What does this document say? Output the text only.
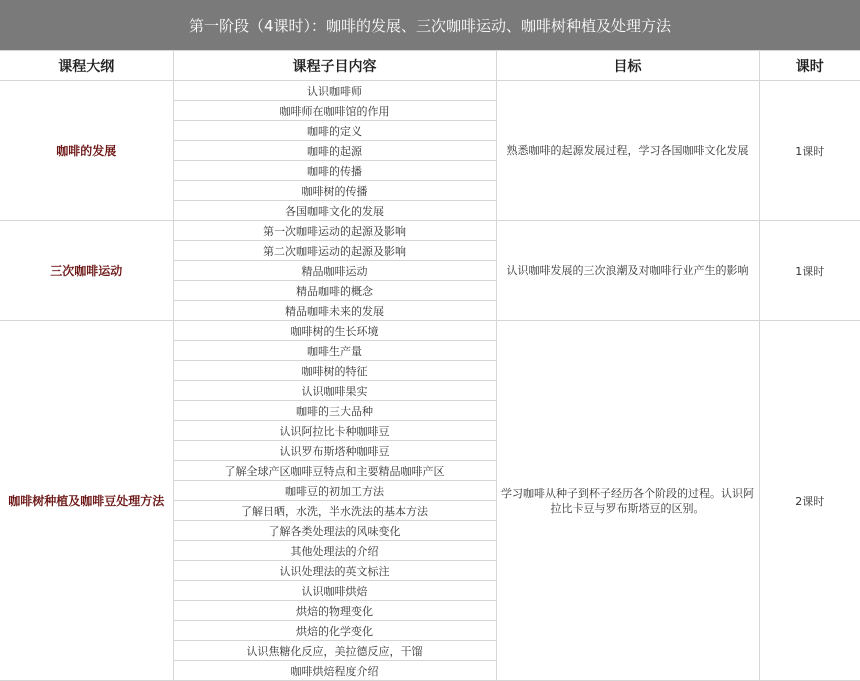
第一阶段（4课时）：咖啡的发展、三次咖啡运动、咖啡树种植及处理方法
课程大纲	课程子目内容	目标	课时
咖啡的发展	认识咖啡师	熟悉咖啡的起源发展过程，学习各国咖啡文化发展	1课时
	咖啡师在咖啡馆的作用		
	咖啡的定义		
	咖啡的起源		
	咖啡的传播		
	咖啡树的传播		
	各国咖啡文化的发展		
三次咖啡运动	第一次咖啡运动的起源及影响	认识咖啡发展的三次浪潮及对咖啡行业产生的影响	1课时
	第二次咖啡运动的起源及影响		
	精品咖啡运动		
	精品咖啡的概念		
	精品咖啡未来的发展		
咖啡树种植及咖啡豆处理方法	咖啡树的生长环境	学习咖啡从种子到杯子经历各个阶段的过程。认识阿拉比卡豆与罗布斯塔豆的区别。	2课时
	咖啡生产量		
	咖啡树的特征		
	认识咖啡果实		
	咖啡的三大品种		
	认识阿拉比卡种咖啡豆		
	认识罗布斯塔种咖啡豆		
	了解全球产区咖啡豆特点和主要精品咖啡产区		
	咖啡豆的初加工方法		
	了解日晒，水洗，半水洗法的基本方法		
	了解各类处理法的风味变化		
	其他处理法的介绍		
	认识处理法的英文标注		
	认识咖啡烘焙		
	烘焙的物理变化		
	烘焙的化学变化		
	认识焦糖化反应，美拉德反应，干馏		
	咖啡烘焙程度介绍		
